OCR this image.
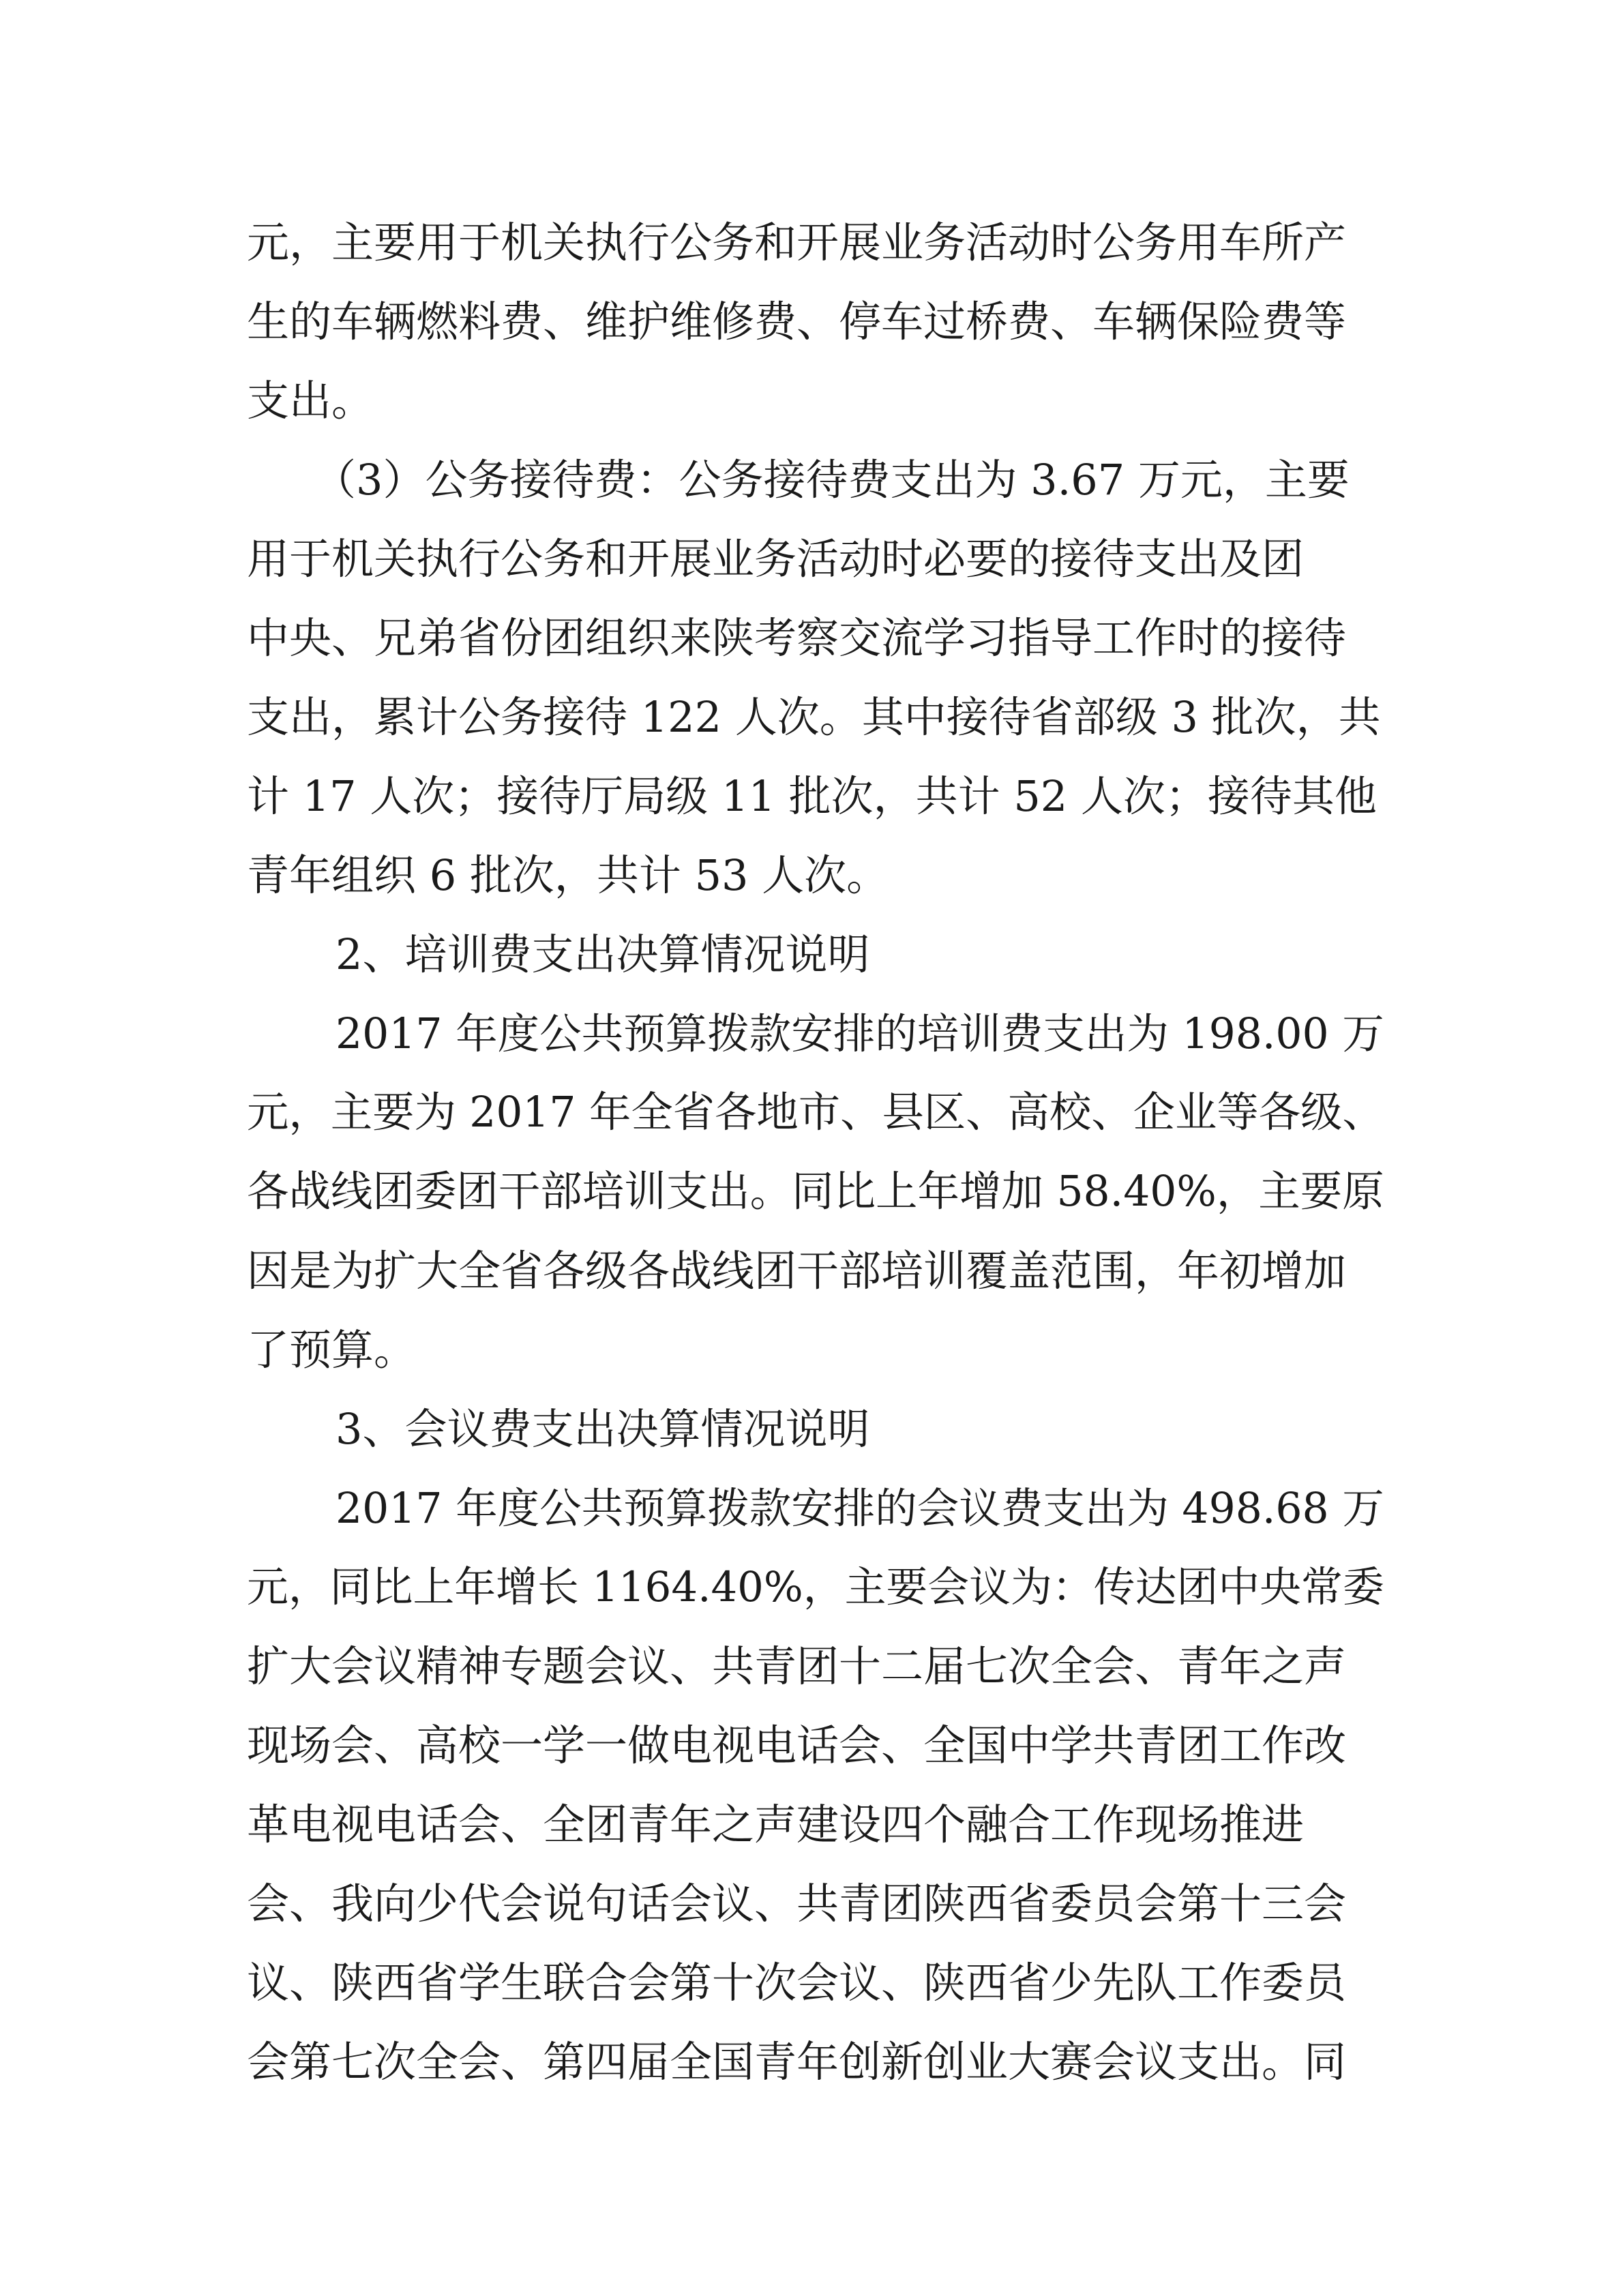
元，主要用于机关执行公务和开展业务活动时公务用车所产

生的车辆燃料费、维护维修费、停车过桥费、车辆保险费等

支出。

（3）公务接待费：公务接待费支出为 3.67 万元，主要

用于机关执行公务和开展业务活动时必要的接待支出及团

中央、兄弟省份团组织来陕考察交流学习指导工作时的接待

支出，累计公务接待 122 人次。其中接待省部级 3 批次，共

计 17 人次；接待厅局级 11 批次，共计 52 人次；接待其他

青年组织 6 批次，共计 53 人次。

2、培训费支出决算情况说明

2017 年度公共预算拨款安排的培训费支出为 198.00 万

元，主要为 2017 年全省各地市、县区、高校、企业等各级、

各战线团委团干部培训支出。同比上年增加 58.40%，主要原

因是为扩大全省各级各战线团干部培训覆盖范围，年初增加

了预算。

3、会议费支出决算情况说明

2017 年度公共预算拨款安排的会议费支出为 498.68 万

元，同比上年增长 1164.40%，主要会议为：传达团中央常委

扩大会议精神专题会议、共青团十二届七次全会、青年之声

现场会、高校一学一做电视电话会、全国中学共青团工作改

革电视电话会、全团青年之声建设四个融合工作现场推进

会、我向少代会说句话会议、共青团陕西省委员会第十三会

议、陕西省学生联合会第十次会议、陕西省少先队工作委员

会第七次全会、第四届全国青年创新创业大赛会议支出。同
